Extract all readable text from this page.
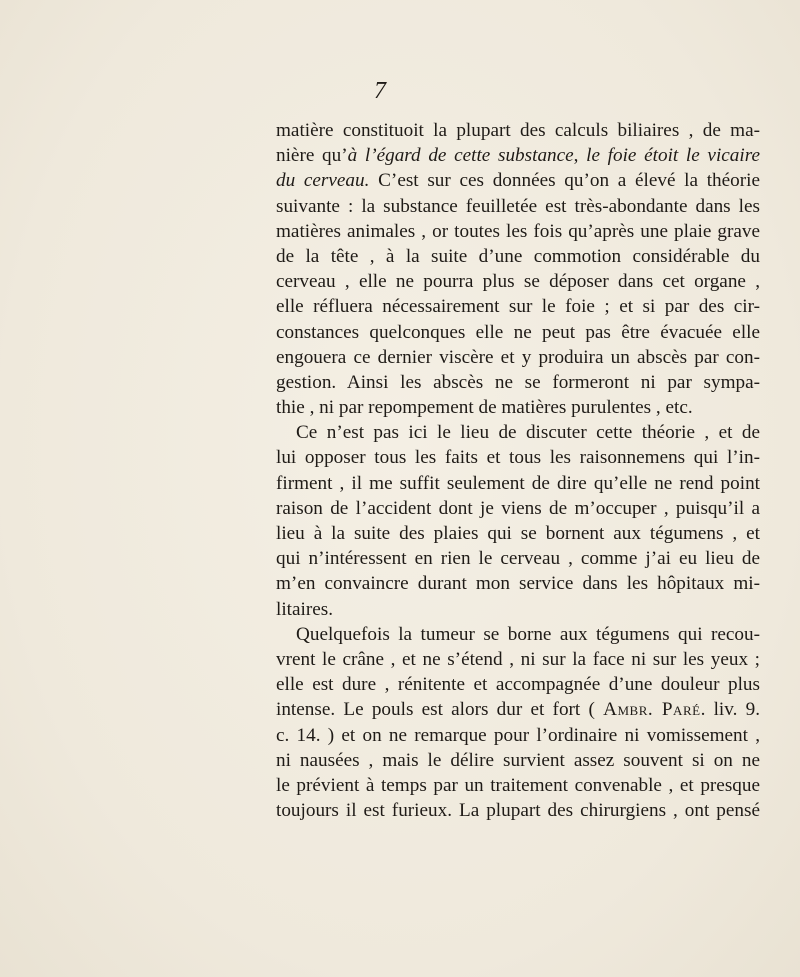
7
matière constituoit la plupart des calculs biliaires , de ma-
nière qu’à l’égard de cette substance, le foie étoit le vicaire
du cerveau. C’est sur ces données qu’on a élevé la théorie
suivante : la substance feuilletée est très-abondante dans les
matières animales , or toutes les fois qu’après une plaie grave
de la tête , à la suite d’une commotion considérable du
cerveau , elle ne pourra plus se déposer dans cet organe ,
elle réfluera nécessairement sur le foie ; et si par des cir-
constances quelconques elle ne peut pas être évacuée elle
engouera ce dernier viscère et y produira un abscès par con-
gestion. Ainsi les abscès ne se formeront ni par sympa-
thie , ni par repompement de matières purulentes , etc.
Ce n’est pas ici le lieu de discuter cette théorie , et de
lui opposer tous les faits et tous les raisonnemens qui l’in-
firment , il me suffit seulement de dire qu’elle ne rend point
raison de l’accident dont je viens de m’occuper , puisqu’il a
lieu à la suite des plaies qui se bornent aux tégumens , et
qui n’intéressent en rien le cerveau , comme j’ai eu lieu de
m’en convaincre durant mon service dans les hôpitaux mi-
litaires.
Quelquefois la tumeur se borne aux tégumens qui recou-
vrent le crâne , et ne s’étend , ni sur la face ni sur les yeux ;
elle est dure , rénitente et accompagnée d’une douleur plus
intense. Le pouls est alors dur et fort ( Ambr. Paré. liv. 9.
c. 14. ) et on ne remarque pour l’ordinaire ni vomissement ,
ni nausées , mais le délire survient assez souvent si on ne
le prévient à temps par un traitement convenable , et presque
toujours il est furieux. La plupart des chirurgiens , ont pensé
